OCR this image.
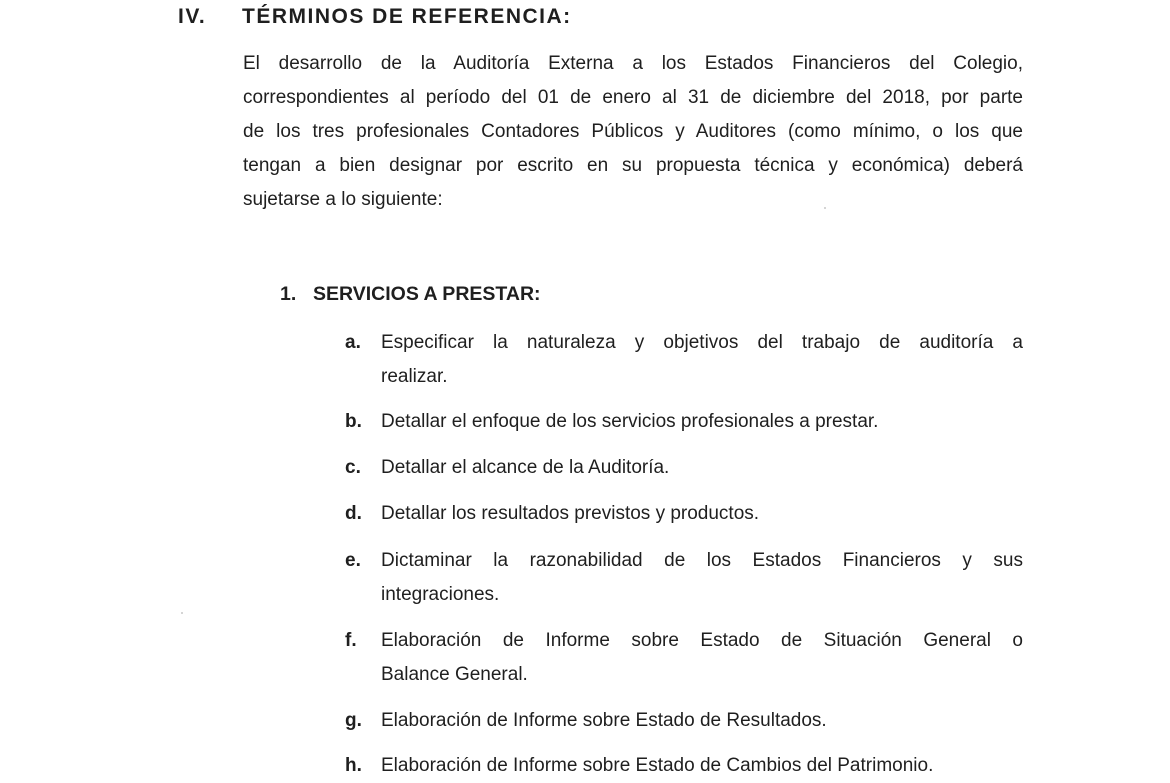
IV. TÉRMINOS DE REFERENCIA:

El desarrollo de la Auditoría Externa a los Estados Financieros del Colegio,
correspondientes al período del 01 de enero al 31 de diciembre del 2018, por parte
de los tres profesionales Contadores Públicos y Auditores (como mínimo, o los que
tengan a bien designar por escrito en su propuesta técnica y económica) deberá
sujetarse a lo siguiente:

1. SERVICIOS A PRESTAR:
a. Especificar la naturaleza y objetivos del trabajo de auditoría a
realizar.
b. Detallar el enfoque de los servicios profesionales a prestar.
c. Detallar el alcance de la Auditoría.
d. Detallar los resultados previstos y productos.
e. Dictaminar la razonabilidad de los Estados Financieros y sus
integraciones.
f. Elaboración de Informe sobre Estado de Situación General o
Balance General.
g. Elaboración de Informe sobre Estado de Resultados.
h. Elaboración de Informe sobre Estado de Cambios del Patrimonio.
